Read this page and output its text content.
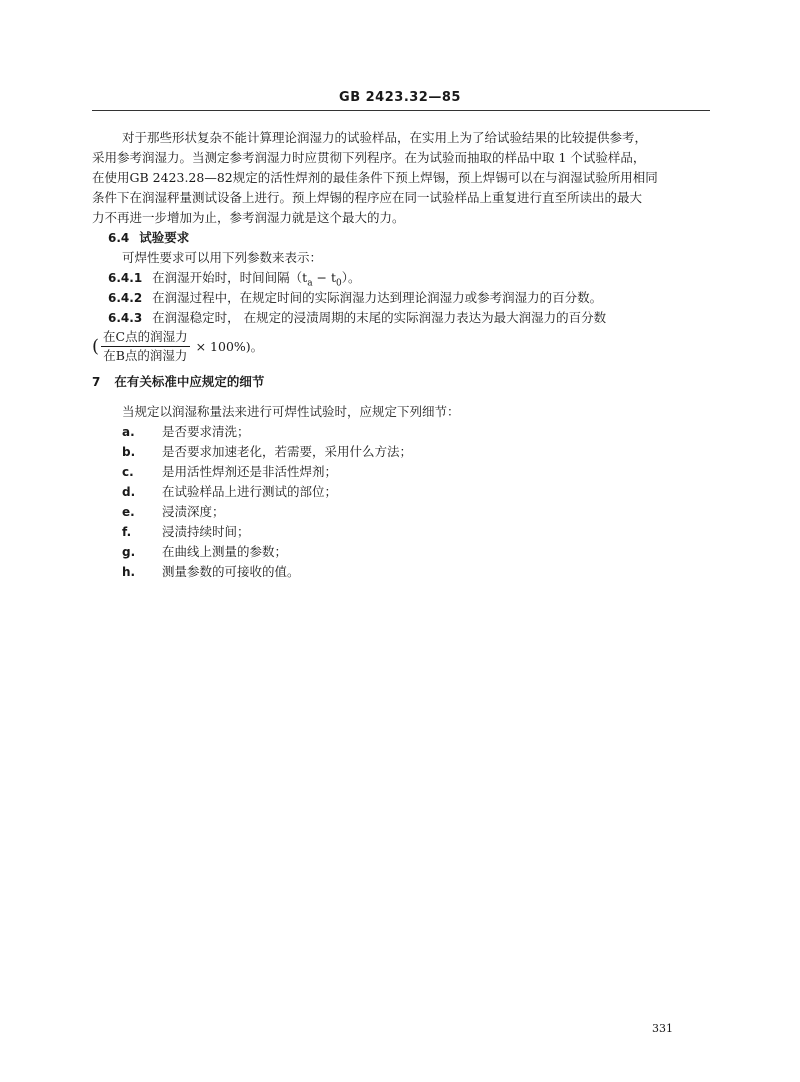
GB 2423.32—85
对于那些形状复杂不能计算理论润湿力的试验样品，在实用上为了给试验结果的比较提供参考，
采用参考润湿力。当测定参考润湿力时应贯彻下列程序。在为试验而抽取的样品中取 1 个试验样品，
在使用GB 2423.28—82规定的活性焊剂的最佳条件下预上焊锡，预上焊锡可以在与润湿试验所用相同
条件下在润湿秤量测试设备上进行。预上焊锡的程序应在同一试验样品上重复进行直至所读出的最大
力不再进一步增加为止，参考润湿力就是这个最大的力。
6.4 试验要求
可焊性要求可以用下列参数来表示：
6.4.1 在润湿开始时，时间间隔$(t_a - t_0)$。
6.4.2 在润湿过程中，在规定时间的实际润湿力达到理论润湿力或参考润湿力的百分数。
6.4.3 在润湿稳定时， 在规定的浸渍周期的末尾的实际润湿力表达为最大润湿力的百分数
( 在C点的润湿力
在B点的润湿力
× 100%)。
7 在有关标准中应规定的细节
当规定以润湿称量法来进行可焊性试验时，应规定下列细节：
a. 是否要求清洗；
b. 是否要求加速老化，若需要，采用什么方法；
c. 是用活性焊剂还是非活性焊剂；
d. 在试验样品上进行测试的部位；
e. 浸渍深度；
f. 浸渍持续时间；
g. 在曲线上测量的参数；
h. 测量参数的可接收的值。
331
